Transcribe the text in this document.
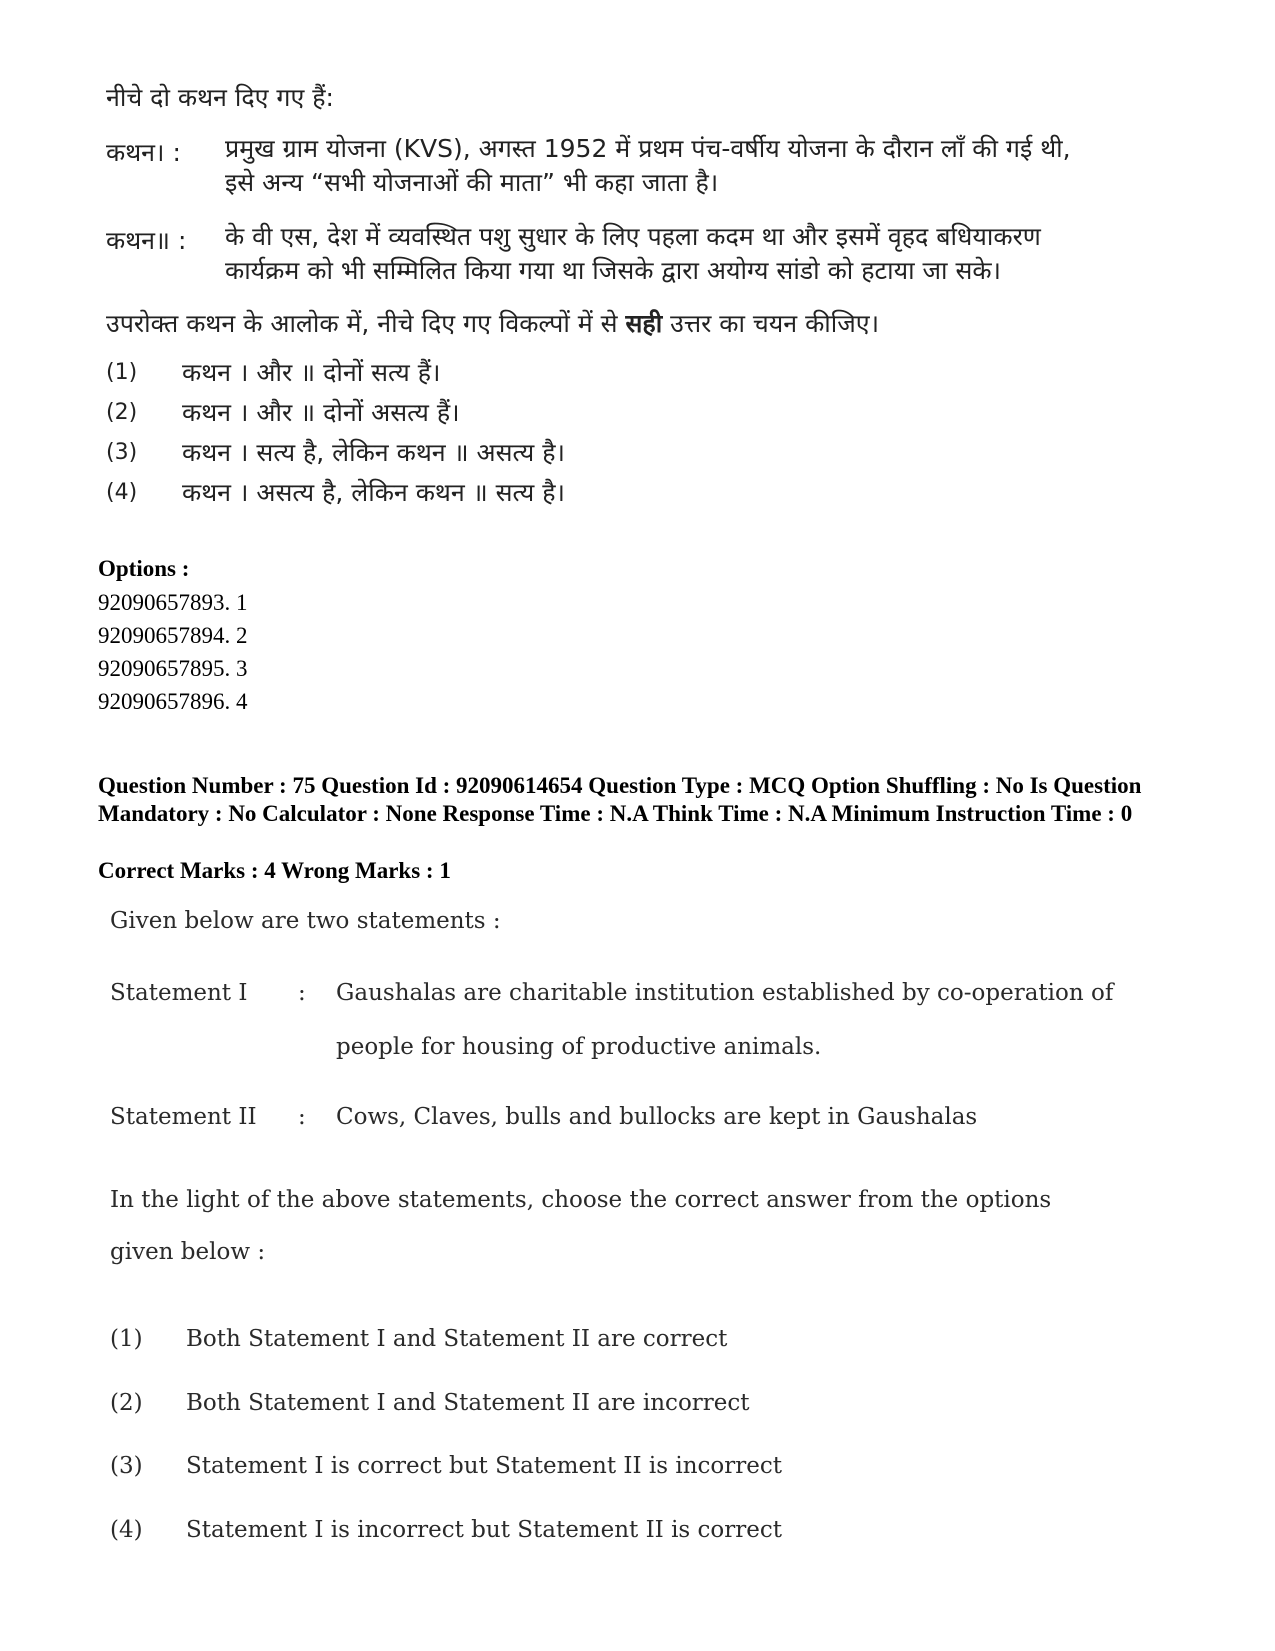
नीचे दो कथन दिए गए हैं:
कथन। : प्रमुख ग्राम योजना (KVS), अगस्त 1952 में प्रथम पंच-वर्षीय योजना के दौरान लाँ की गई थी,
इसे अन्य “सभी योजनाओं की माता” भी कहा जाता है।
कथन॥ : के वी एस, देश में व्यवस्थित पशु सुधार के लिए पहला कदम था और इसमें वृहद बधियाकरण
कार्यक्रम को भी सम्मिलित किया गया था जिसके द्वारा अयोग्य सांडो को हटाया जा सके।
उपरोक्त कथन के आलोक में, नीचे दिए गए विकल्पों में से सही उत्तर का चयन कीजिए।
(1) कथन । और ॥ दोनों सत्य हैं।
(2) कथन । और ॥ दोनों असत्य हैं।
(3) कथन । सत्य है, लेकिन कथन ॥ असत्य है।
(4) कथन । असत्य है, लेकिन कथन ॥ सत्य है।
Options :
92090657893. 1
92090657894. 2
92090657895. 3
92090657896. 4
Question Number : 75 Question Id : 92090614654 Question Type : MCQ Option Shuffling : No Is Question Mandatory : No Calculator : None Response Time : N.A Think Time : N.A Minimum Instruction Time : 0
Correct Marks : 4 Wrong Marks : 1
Given below are two statements :
Statement I : Gaushalas are charitable institution established by co-operation of
people for housing of productive animals.
Statement II : Cows, Claves, bulls and bullocks are kept in Gaushalas
In the light of the above statements, choose the correct answer from the options given below :
(1) Both Statement I and Statement II are correct
(2) Both Statement I and Statement II are incorrect
(3) Statement I is correct but Statement II is incorrect
(4) Statement I is incorrect but Statement II is correct
